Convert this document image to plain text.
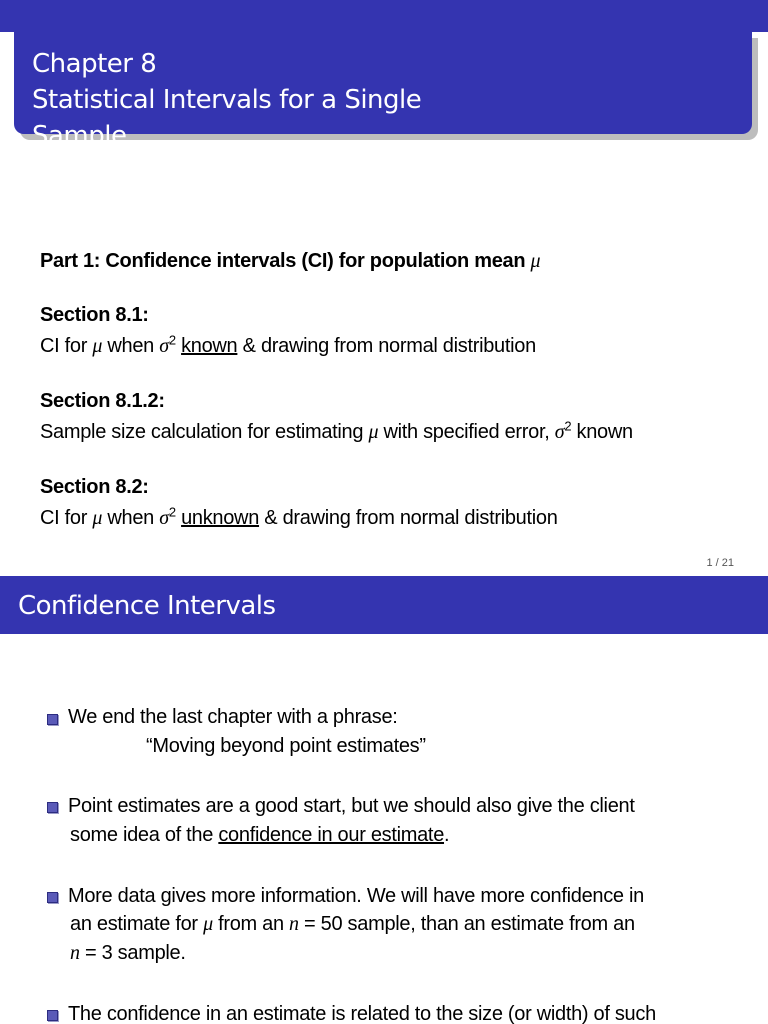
Chapter 8
Statistical Intervals for a Single
Sample
Part 1: Confidence intervals (CI) for population mean μ
Section 8.1:
CI for μ when $\sigma^2$ known & drawing from normal distribution
Section 8.1.2:
Sample size calculation for estimating μ with specified error, $\sigma^2$ known
Section 8.2:
CI for μ when $\sigma^2$ unknown & drawing from normal distribution
1 / 21
Confidence Intervals
We end the last chapter with a phrase:
“Moving beyond point estimates”
Point estimates are a good start, but we should also give the client
some idea of the confidence in our estimate.
More data gives more information. We will have more confidence in
an estimate for μ from an n = 50 sample, than an estimate from an
n = 3 sample.
The confidence in an estimate is related to the size (or width) of such
